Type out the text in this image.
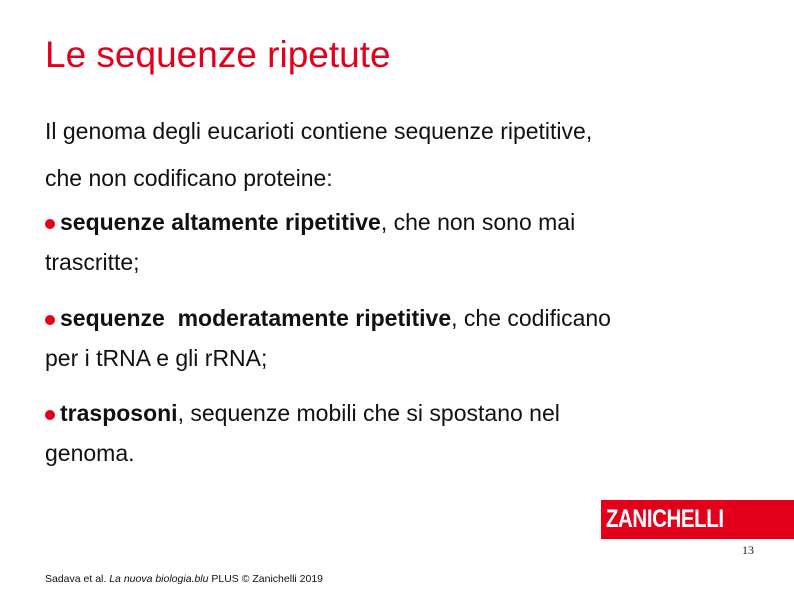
Le sequenze ripetute
Il genoma degli eucarioti contiene sequenze ripetitive,
che non codificano proteine:
sequenze altamente ripetitive, che non sono mai
trascritte;
sequenze  moderatamente ripetitive, che codificano
per i tRNA e gli rRNA;
trasposoni, sequenze mobili che si spostano nel
genoma.
ZANICHELLI
13
Sadava et al. La nuova biologia.blu PLUS © Zanichelli 2019
